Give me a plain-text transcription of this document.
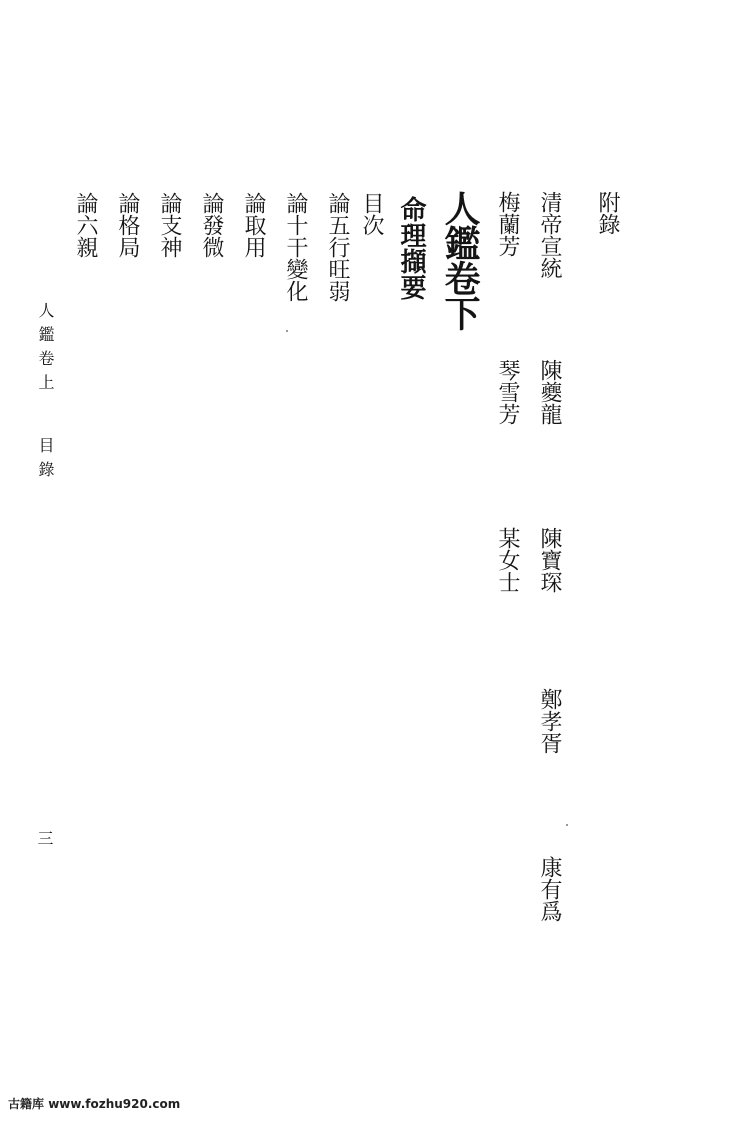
附錄
清帝宣統
陳夔龍
陳寶琛
鄭孝胥
康有爲
梅蘭芳
琴雪芳
某女士
人鑑卷下
命理擷要
目次
論五行旺弱
論十干變化
論取用
論發微
論支神
論格局
論六親
人鑑卷上
目錄
三
古籍库 www.fozhu920.com
